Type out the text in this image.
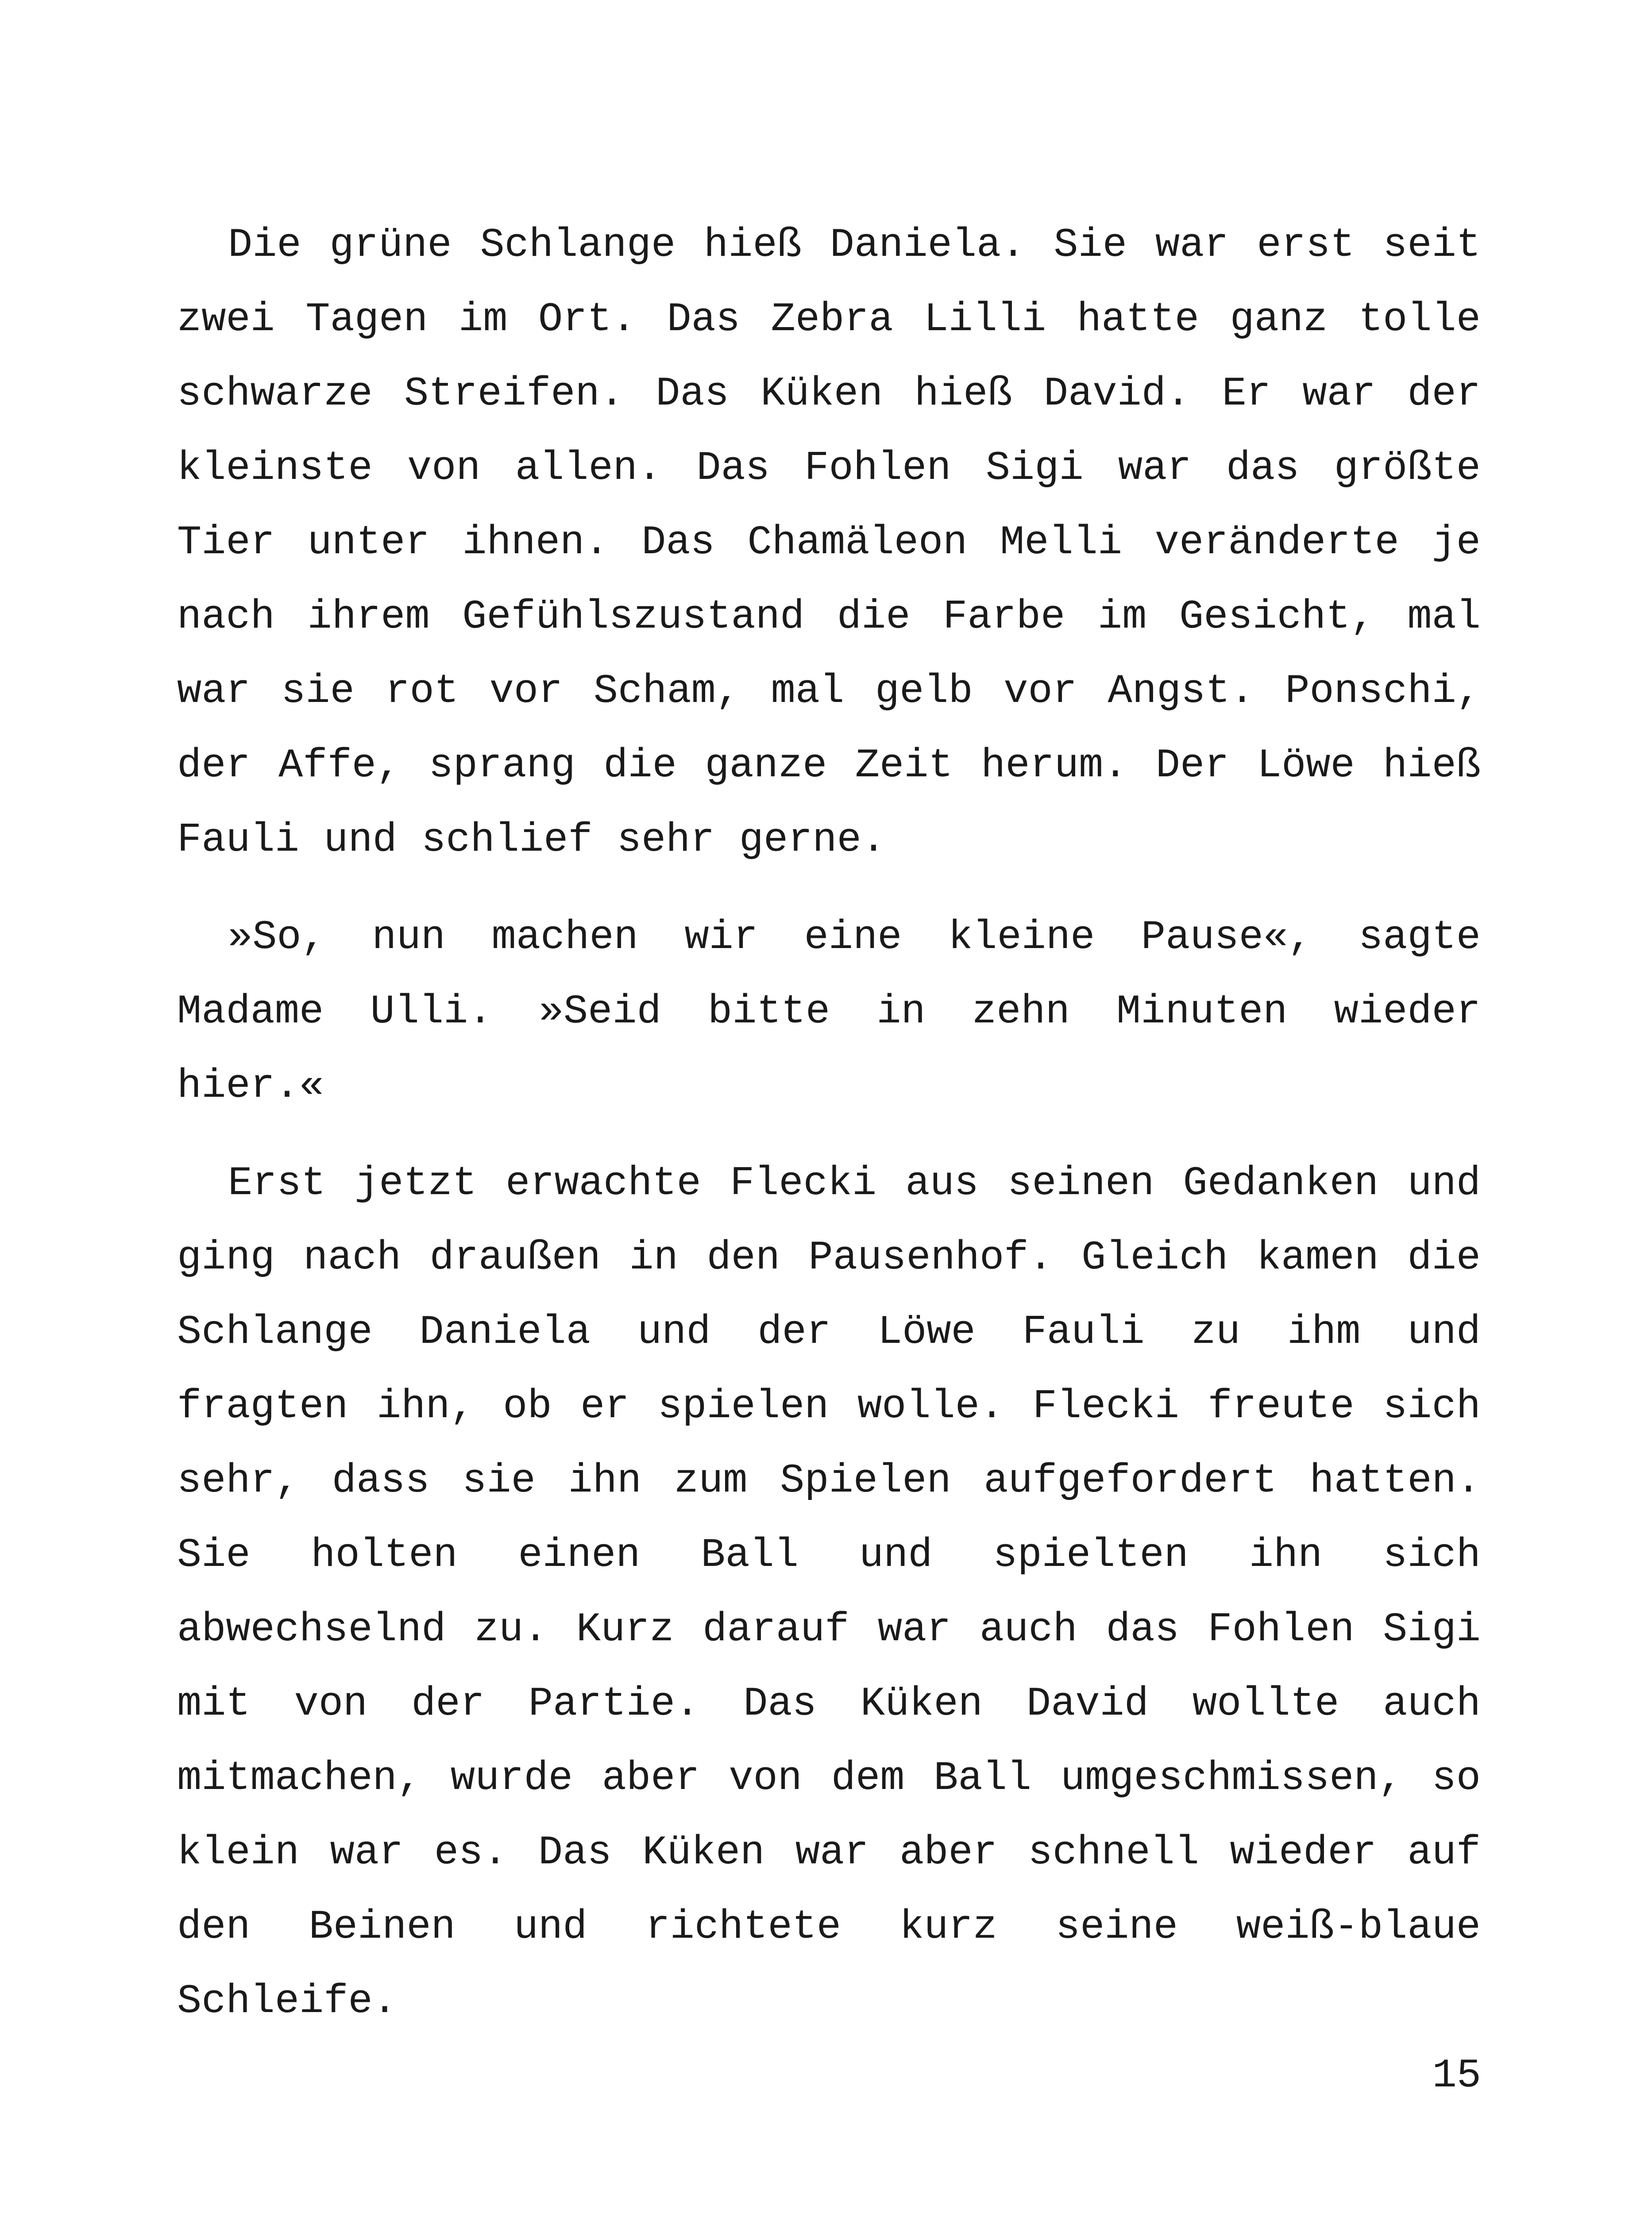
Die grüne Schlange hieß Daniela. Sie war erst seit zwei Tagen im Ort. Das Zebra Lilli hatte ganz tolle schwarze Streifen. Das Küken hieß David. Er war der kleinste von allen. Das Fohlen Sigi war das größte Tier unter ihnen. Das Chamäleon Melli veränderte je nach ihrem Gefühlszustand die Farbe im Gesicht, mal war sie rot vor Scham, mal gelb vor Angst. Ponschi, der Affe, sprang die ganze Zeit herum. Der Löwe hieß Fauli und schlief sehr gerne.

»So, nun machen wir eine kleine Pause«, sagte Madame Ulli. »Seid bitte in zehn Minuten wieder hier.«

Erst jetzt erwachte Flecki aus seinen Gedanken und ging nach draußen in den Pausenhof. Gleich kamen die Schlange Daniela und der Löwe Fauli zu ihm und fragten ihn, ob er spielen wolle. Flecki freute sich sehr, dass sie ihn zum Spielen aufgefordert hatten. Sie holten einen Ball und spielten ihn sich abwechselnd zu. Kurz darauf war auch das Fohlen Sigi mit von der Partie. Das Küken David wollte auch mitmachen, wurde aber von dem Ball umgeschmissen, so klein war es. Das Küken war aber schnell wieder auf den Beinen und richtete kurz seine weiß-blaue Schleife.

15
